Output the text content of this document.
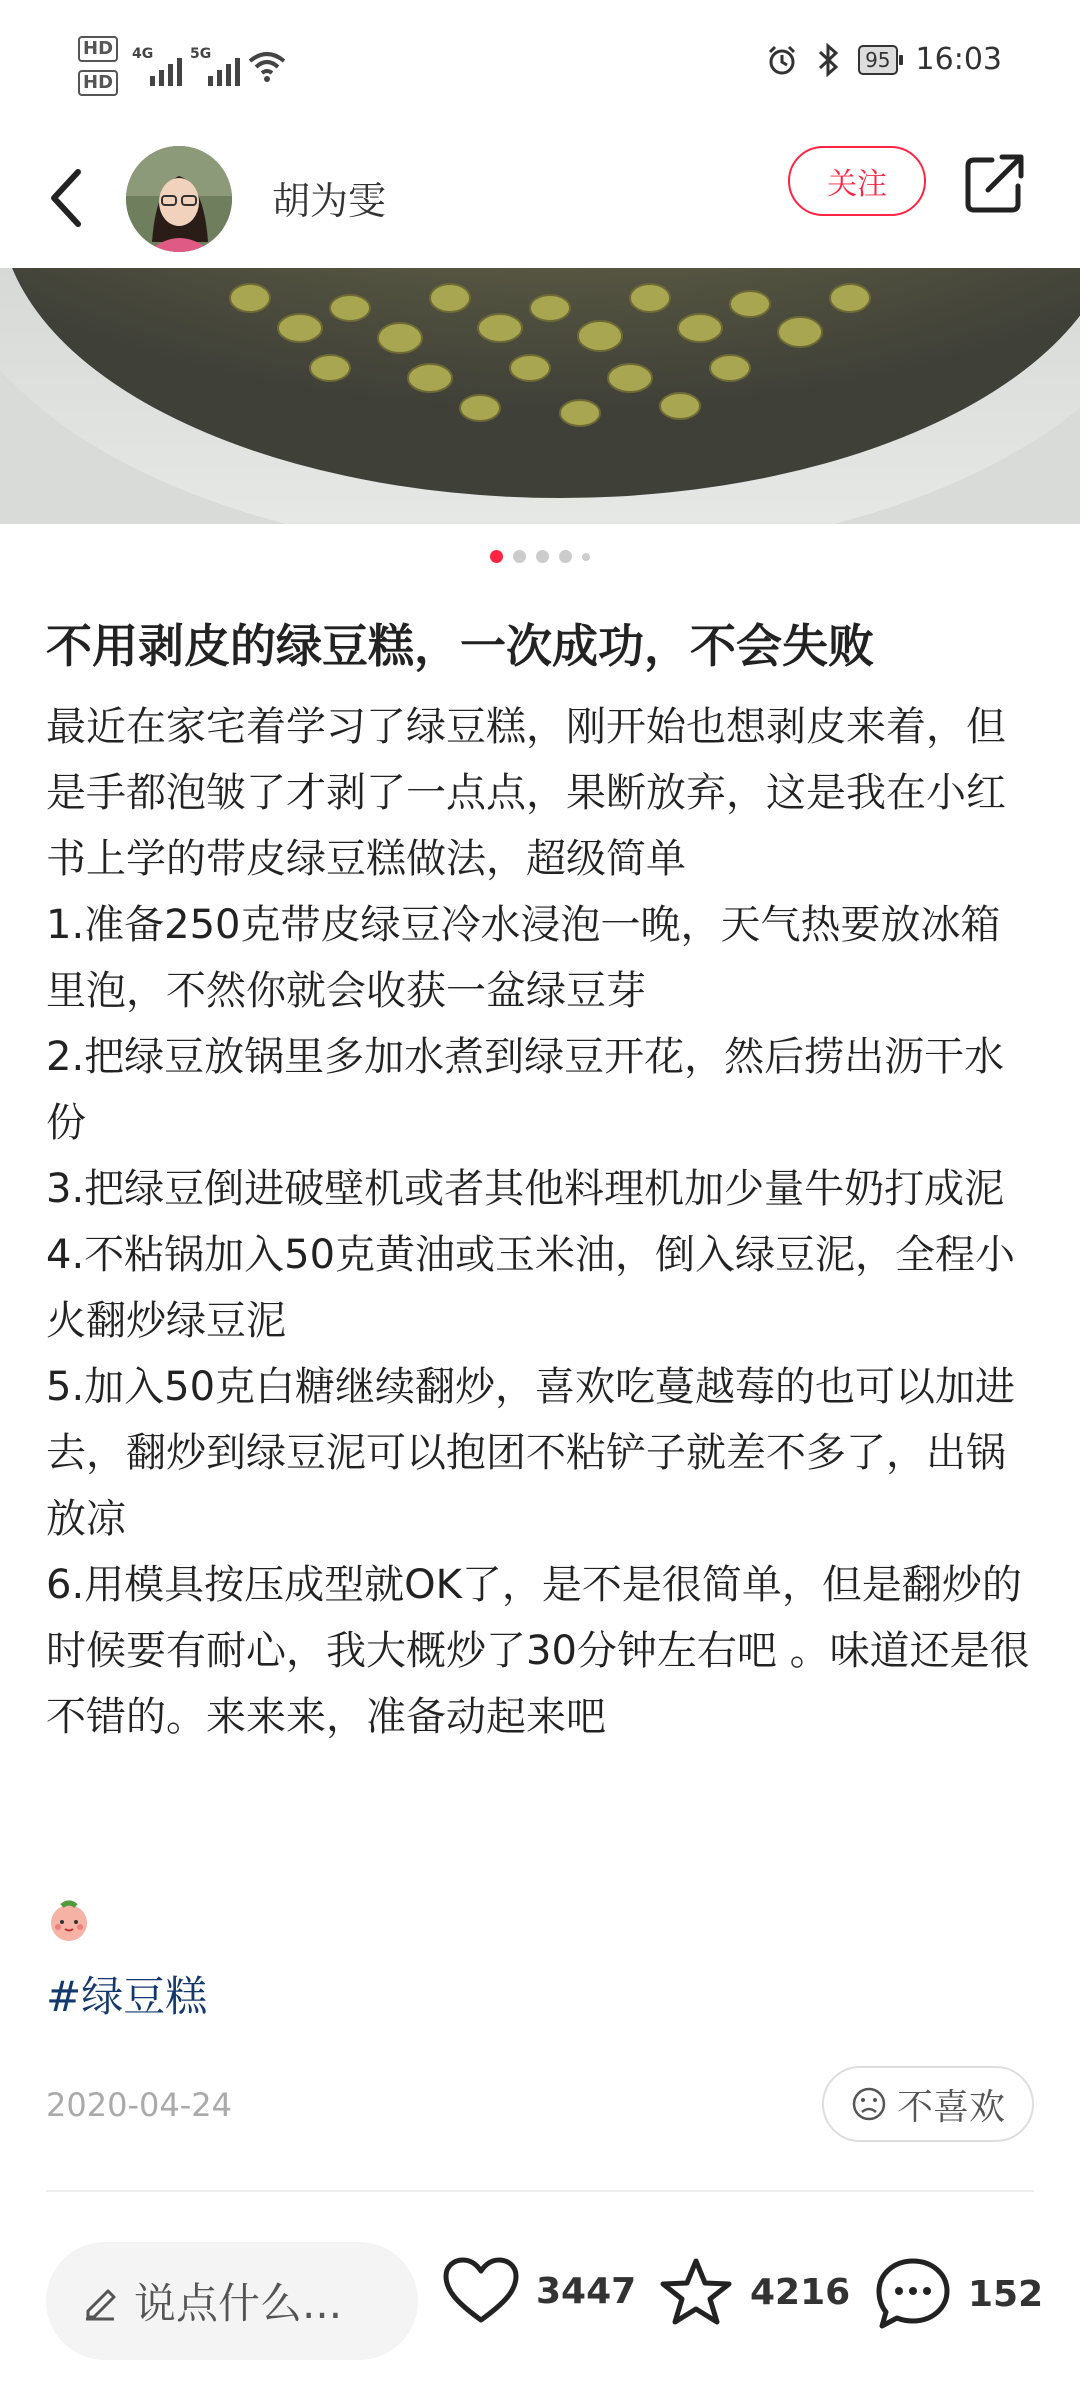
HD
HD
4G	5G	95 16:03
胡为雯	关注
不用剥皮的绿豆糕，一次成功，不会失败

最近在家宅着学习了绿豆糕，刚开始也想剥皮来着，但是手都泡皱了才剥了一点点，果断放弃，这是我在小红书上学的带皮绿豆糕做法，超级简单

1.准备250克带皮绿豆冷水浸泡一晚，天气热要放冰箱里泡，不然你就会收获一盆绿豆芽

2.把绿豆放锅里多加水煮到绿豆开花，然后捞出沥干水份

3.把绿豆倒进破壁机或者其他料理机加少量牛奶打成泥

4.不粘锅加入50克黄油或玉米油，倒入绿豆泥，全程小火翻炒绿豆泥

5.加入50克白糖继续翻炒，喜欢吃蔓越莓的也可以加进去，翻炒到绿豆泥可以抱团不粘铲子就差不多了，出锅放凉

6.用模具按压成型就OK了，是不是很简单，但是翻炒的时候要有耐心，我大概炒了30分钟左右吧 。味道还是很不错的。来来来，准备动起来吧

#绿豆糕
2020-04-24	不喜欢
说点什么...	3447	4216	152
